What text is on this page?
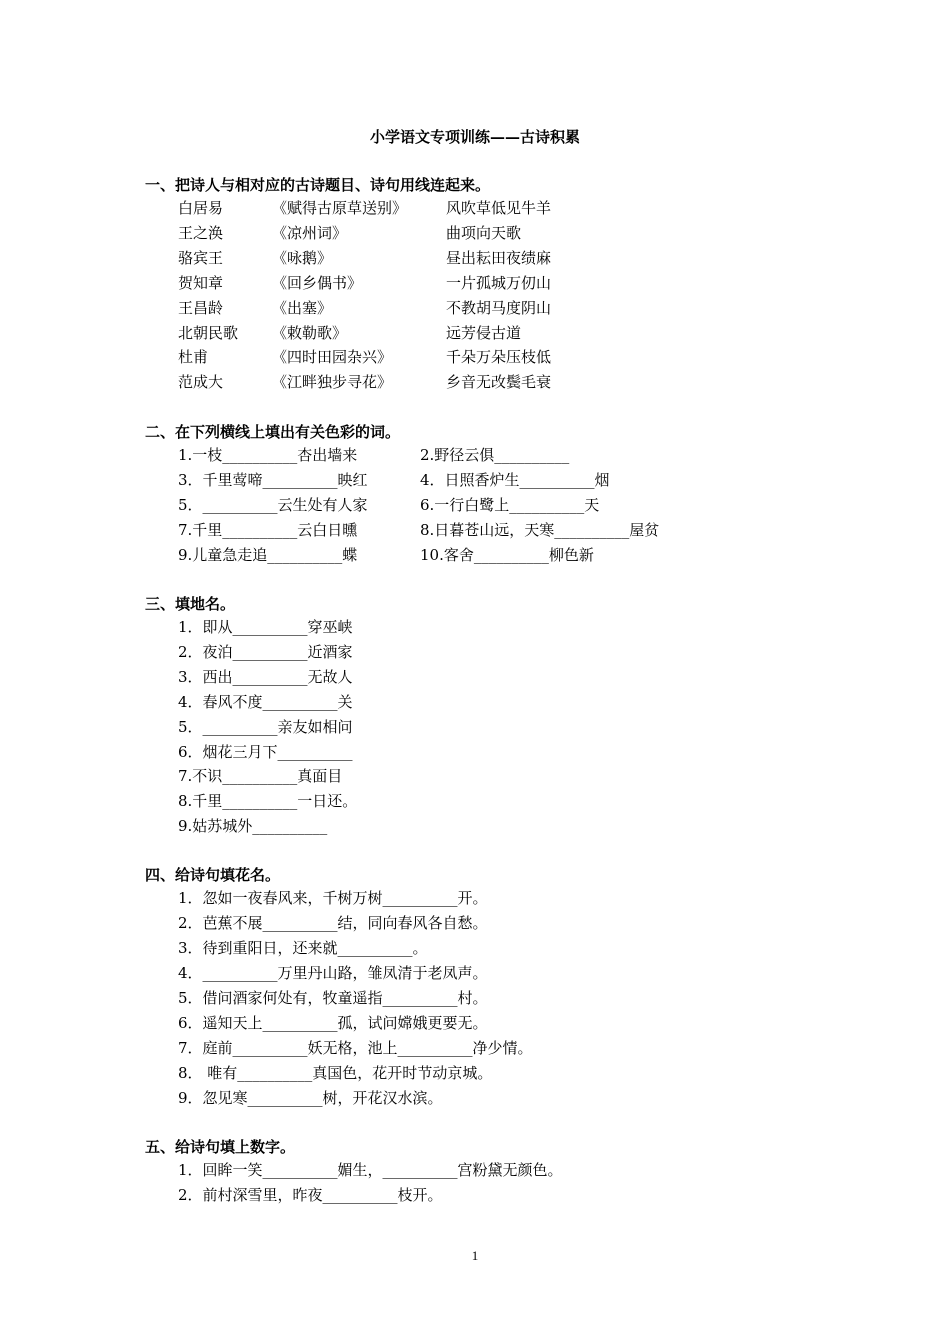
小学语文专项训练——古诗积累
一、把诗人与相对应的古诗题目、诗句用线连起来。
白居易	《赋得古原草送别》	风吹草低见牛羊
王之涣	《凉州词》	曲项向天歌
骆宾王	《咏鹅》	昼出耘田夜绩麻
贺知章	《回乡偶书》	一片孤城万仞山
王昌龄	《出塞》	不教胡马度阴山
北朝民歌 《敕勒歌》	远芳侵古道
杜甫	《四时田园杂兴》	千朵万朵压枝低
范成大	《江畔独步寻花》	乡音无改鬓毛衰
二、在下列横线上填出有关色彩的词。
1.一枝__________杏出墙来	2.野径云俱__________
3．千里莺啼__________映红	4．日照香炉生__________烟
5．__________云生处有人家	6.一行白鹭上__________天
7.千里__________云白日曛	8.日暮苍山远，天寒__________屋贫
9.儿童急走追__________蝶	10.客舍__________柳色新
三、填地名。
1．即从__________穿巫峡
2．夜泊__________近酒家
3．西出__________无故人
4．春风不度__________关
5．__________亲友如相问
6．烟花三月下__________
7.不识__________真面目
8.千里__________一日还。
9.姑苏城外__________
四、给诗句填花名。
1．忽如一夜春风来，千树万树__________开。
2．芭蕉不展__________结，同向春风各自愁。
3．待到重阳日，还来就__________。
4．__________万里丹山路，雏凤清于老凤声。
5．借问酒家何处有，牧童遥指__________村。
6．遥知天上__________孤，试问嫦娥更要无。
7．庭前__________妖无格，池上__________净少情。
8． 唯有__________真国色，花开时节动京城。
9．忽见寒__________树，开花汉水滨。
五、给诗句填上数字。
1．回眸一笑__________媚生，__________宫粉黛无颜色。
2．前村深雪里，昨夜__________枝开。
1
